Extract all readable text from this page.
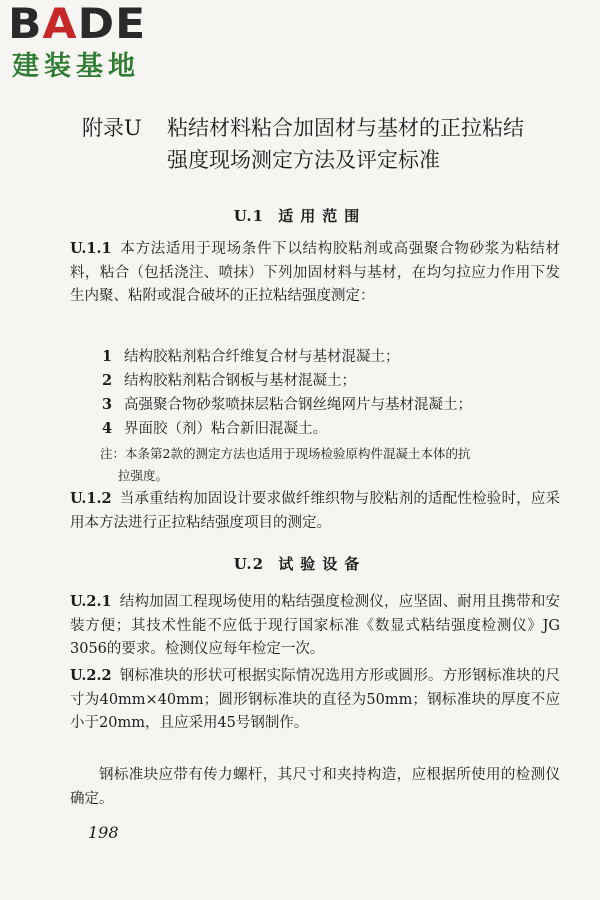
BADE
建装基地
附录U 粘结材料粘合加固材与基材的正拉粘结
强度现场测定方法及评定标准
U.1 适用范围
U.1.1 本方法适用于现场条件下以结构胶粘剂或高强聚合物砂浆为粘结材料，粘合（包括浇注、喷抹）下列加固材料与基材，在均匀拉应力作用下发生内聚、粘附或混合破坏的正拉粘结强度测定：
1 结构胶粘剂粘合纤维复合材与基材混凝土；
2 结构胶粘剂粘合钢板与基材混凝土；
3 高强聚合物砂浆喷抹层粘合钢丝绳网片与基材混凝土；
4 界面胶（剂）粘合新旧混凝土。
注：本条第2款的测定方法也适用于现场检验原构件混凝土本体的抗
拉强度。
U.1.2 当承重结构加固设计要求做纤维织物与胶粘剂的适配性检验时，应采用本方法进行正拉粘结强度项目的测定。
U.2 试验设备
U.2.1 结构加固工程现场使用的粘结强度检测仪，应坚固、耐用且携带和安装方便；其技术性能不应低于现行国家标准《数显式粘结强度检测仪》JG 3056的要求。检测仪应每年检定一次。
U.2.2 钢标准块的形状可根据实际情况选用方形或圆形。方形钢标准块的尺寸为40mm×40mm；圆形钢标准块的直径为50mm；钢标准块的厚度不应小于20mm，且应采用45号钢制作。
钢标准块应带有传力螺杆，其尺寸和夹持构造，应根据所使用的检测仪确定。
198
